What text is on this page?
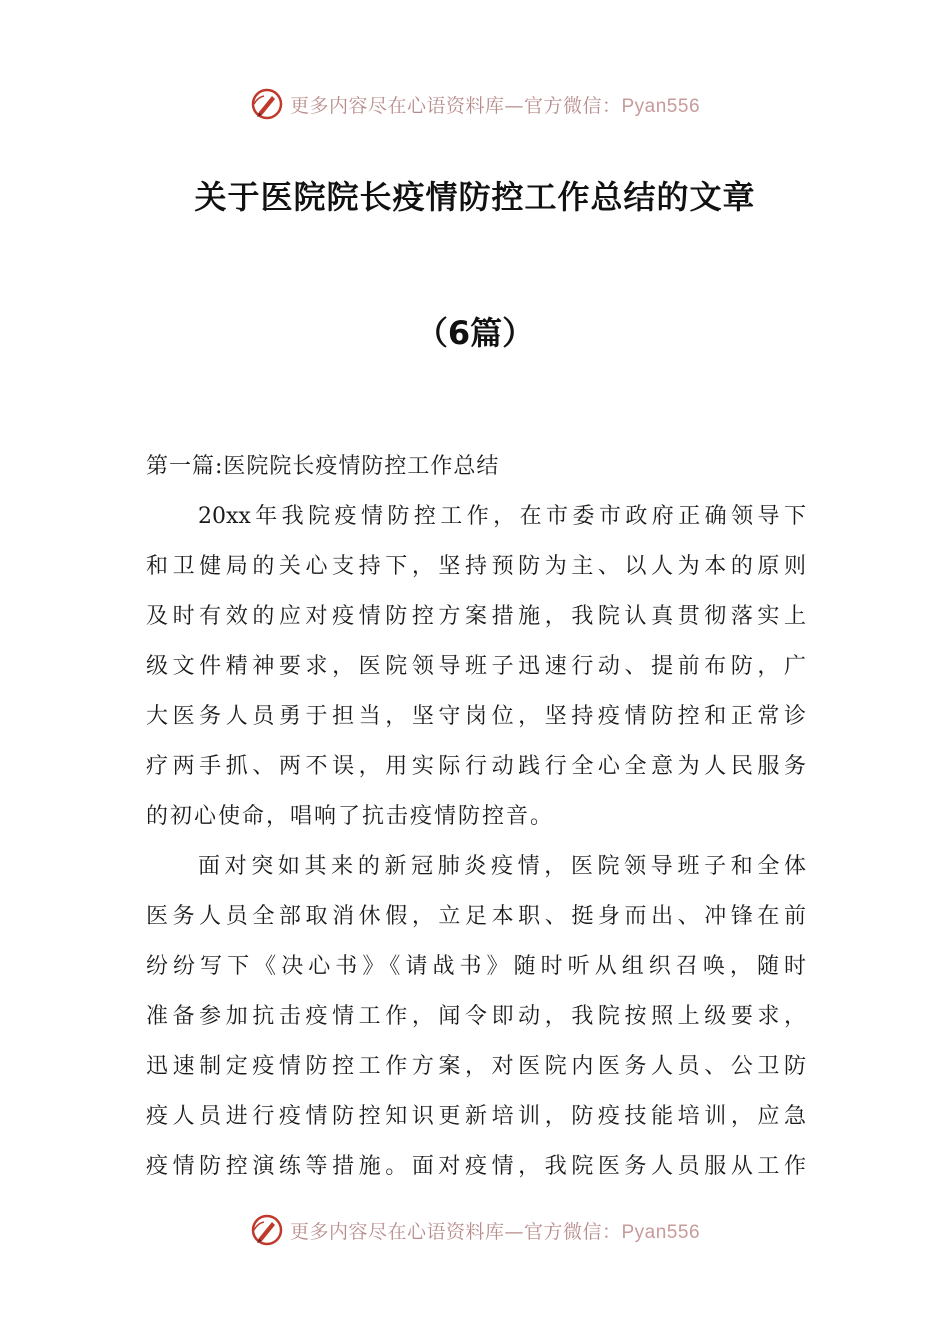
更多内容尽在心语资料库—官方微信：Pyan556
关于医院院长疫情防控工作总结的文章
（6篇）
第一篇:医院院长疫情防控工作总结
20xx年我院疫情防控工作，在市委市政府正确领导下
和卫健局的关心支持下，坚持预防为主、以人为本的原则
及时有效的应对疫情防控方案措施，我院认真贯彻落实上
级文件精神要求，医院领导班子迅速行动、提前布防，广
大医务人员勇于担当，坚守岗位，坚持疫情防控和正常诊
疗两手抓、两不误，用实际行动践行全心全意为人民服务
的初心使命，唱响了抗击疫情防控音。
面对突如其来的新冠肺炎疫情，医院领导班子和全体
医务人员全部取消休假，立足本职、挺身而出、冲锋在前
纷纷写下《决心书》《请战书》随时听从组织召唤，随时
准备参加抗击疫情工作，闻令即动，我院按照上级要求，
迅速制定疫情防控工作方案，对医院内医务人员、公卫防
疫人员进行疫情防控知识更新培训，防疫技能培训，应急
疫情防控演练等措施。面对疫情，我院医务人员服从工作
更多内容尽在心语资料库—官方微信：Pyan556
